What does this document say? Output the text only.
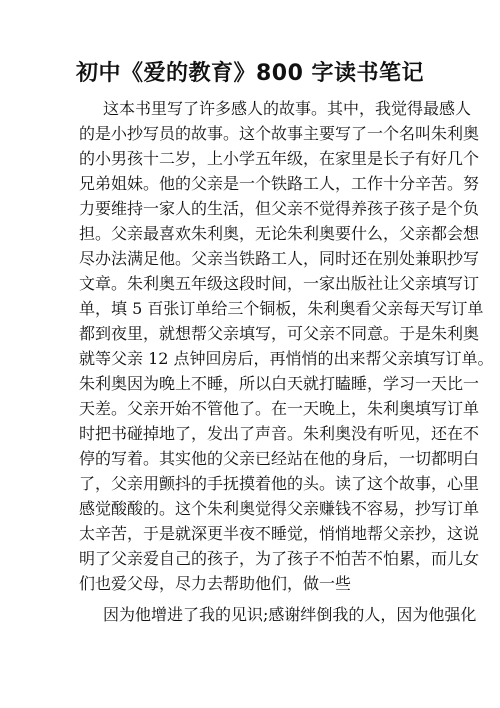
初中《爱的教育》800 字读书笔记
这本书里写了许多感人的故事。其中，我觉得最感人
的是小抄写员的故事。这个故事主要写了一个名叫朱利奥
的小男孩十二岁，上小学五年级，在家里是长子有好几个
兄弟姐妹。他的父亲是一个铁路工人，工作十分辛苦。努
力要维持一家人的生活，但父亲不觉得养孩子孩子是个负
担。父亲最喜欢朱利奥，无论朱利奥要什么，父亲都会想
尽办法满足他。父亲当铁路工人，同时还在别处兼职抄写
文章。朱利奥五年级这段时间，一家出版社让父亲填写订
单，填 5 百张订单给三个铜板，朱利奥看父亲每天写订单
都到夜里，就想帮父亲填写，可父亲不同意。于是朱利奥
就等父亲 12 点钟回房后，再悄悄的出来帮父亲填写订单。
朱利奥因为晚上不睡，所以白天就打瞌睡，学习一天比一
天差。父亲开始不管他了。在一天晚上，朱利奥填写订单
时把书碰掉地了，发出了声音。朱利奥没有听见，还在不
停的写着。其实他的父亲已经站在他的身后，一切都明白
了，父亲用颤抖的手抚摸着他的头。读了这个故事，心里
感觉酸酸的。这个朱利奥觉得父亲赚钱不容易，抄写订单
太辛苦，于是就深更半夜不睡觉，悄悄地帮父亲抄，这说
明了父亲爱自己的孩子，为了孩子不怕苦不怕累，而儿女
们也爱父母，尽力去帮助他们，做一些
因为他增进了我的见识;感谢绊倒我的人，因为他强化
